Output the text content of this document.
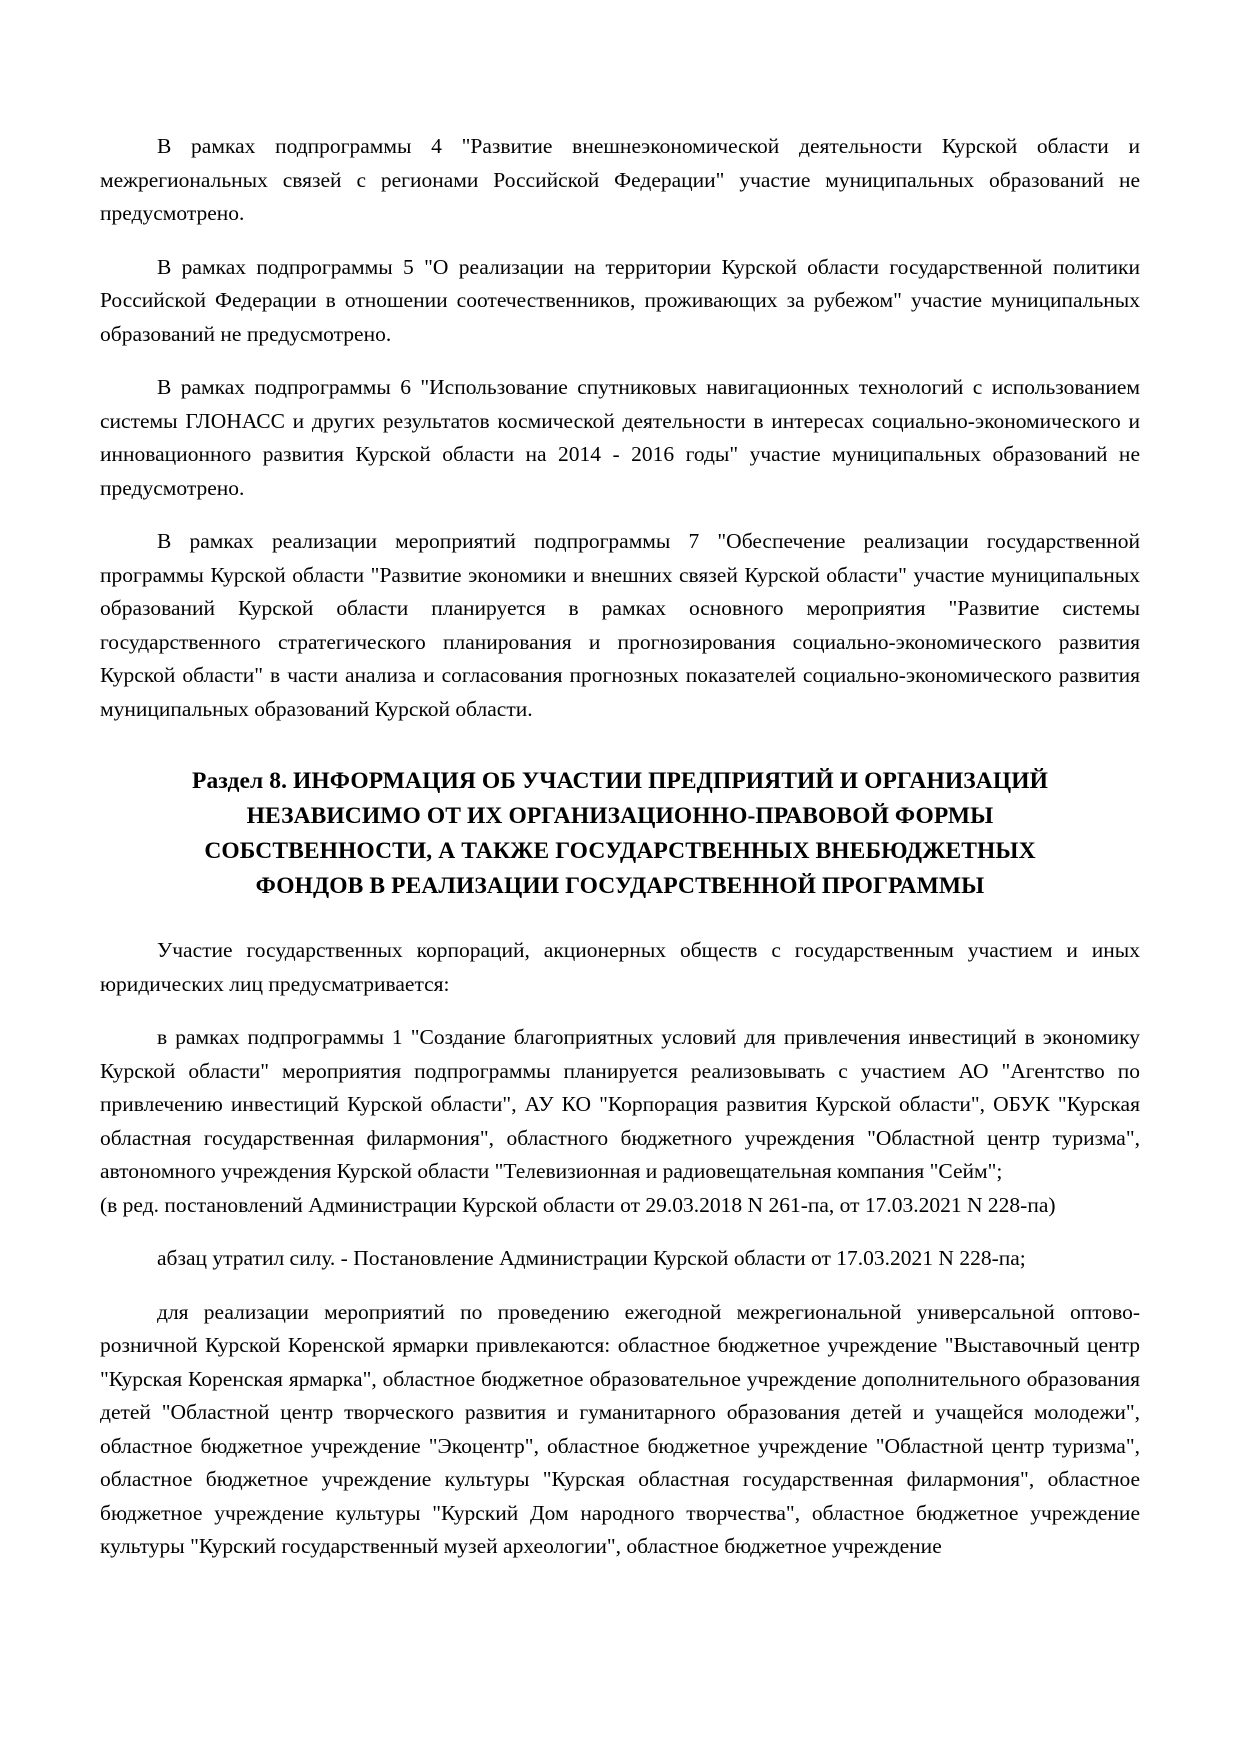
В рамках подпрограммы 4 "Развитие внешнеэкономической деятельности Курской области и межрегиональных связей с регионами Российской Федерации" участие муниципальных образований не предусмотрено.

В рамках подпрограммы 5 "О реализации на территории Курской области государственной политики Российской Федерации в отношении соотечественников, проживающих за рубежом" участие муниципальных образований не предусмотрено.

В рамках подпрограммы 6 "Использование спутниковых навигационных технологий с использованием системы ГЛОНАСС и других результатов космической деятельности в интересах социально-экономического и инновационного развития Курской области на 2014 - 2016 годы" участие муниципальных образований не предусмотрено.

В рамках реализации мероприятий подпрограммы 7 "Обеспечение реализации государственной программы Курской области "Развитие экономики и внешних связей Курской области" участие муниципальных образований Курской области планируется в рамках основного мероприятия "Развитие системы государственного стратегического планирования и прогнозирования социально-экономического развития Курской области" в части анализа и согласования прогнозных показателей социально-экономического развития муниципальных образований Курской области.

Раздел 8. ИНФОРМАЦИЯ ОБ УЧАСТИИ ПРЕДПРИЯТИЙ И ОРГАНИЗАЦИЙ
НЕЗАВИСИМО ОТ ИХ ОРГАНИЗАЦИОННО-ПРАВОВОЙ ФОРМЫ
СОБСТВЕННОСТИ, А ТАКЖЕ ГОСУДАРСТВЕННЫХ ВНЕБЮДЖЕТНЫХ
ФОНДОВ В РЕАЛИЗАЦИИ ГОСУДАРСТВЕННОЙ ПРОГРАММЫ

Участие государственных корпораций, акционерных обществ с государственным участием и иных юридических лиц предусматривается:

в рамках подпрограммы 1 "Создание благоприятных условий для привлечения инвестиций в экономику Курской области" мероприятия подпрограммы планируется реализовывать с участием АО "Агентство по привлечению инвестиций Курской области", АУ КО "Корпорация развития Курской области", ОБУК "Курская областная государственная филармония", областного бюджетного учреждения "Областной центр туризма", автономного учреждения Курской области "Телевизионная и радиовещательная компания "Сейм";

(в ред. постановлений Администрации Курской области от 29.03.2018 N 261-па, от 17.03.2021 N 228-па)

абзац утратил силу. - Постановление Администрации Курской области от 17.03.2021 N 228-па;

для реализации мероприятий по проведению ежегодной межрегиональной универсальной оптово-розничной Курской Коренской ярмарки привлекаются: областное бюджетное учреждение "Выставочный центр "Курская Коренская ярмарка", областное бюджетное образовательное учреждение дополнительного образования детей "Областной центр творческого развития и гуманитарного образования детей и учащейся молодежи", областное бюджетное учреждение "Экоцентр", областное бюджетное учреждение "Областной центр туризма", областное бюджетное учреждение культуры "Курская областная государственная филармония", областное бюджетное учреждение культуры "Курский Дом народного творчества", областное бюджетное учреждение культуры "Курский государственный музей археологии", областное бюджетное учреждение
